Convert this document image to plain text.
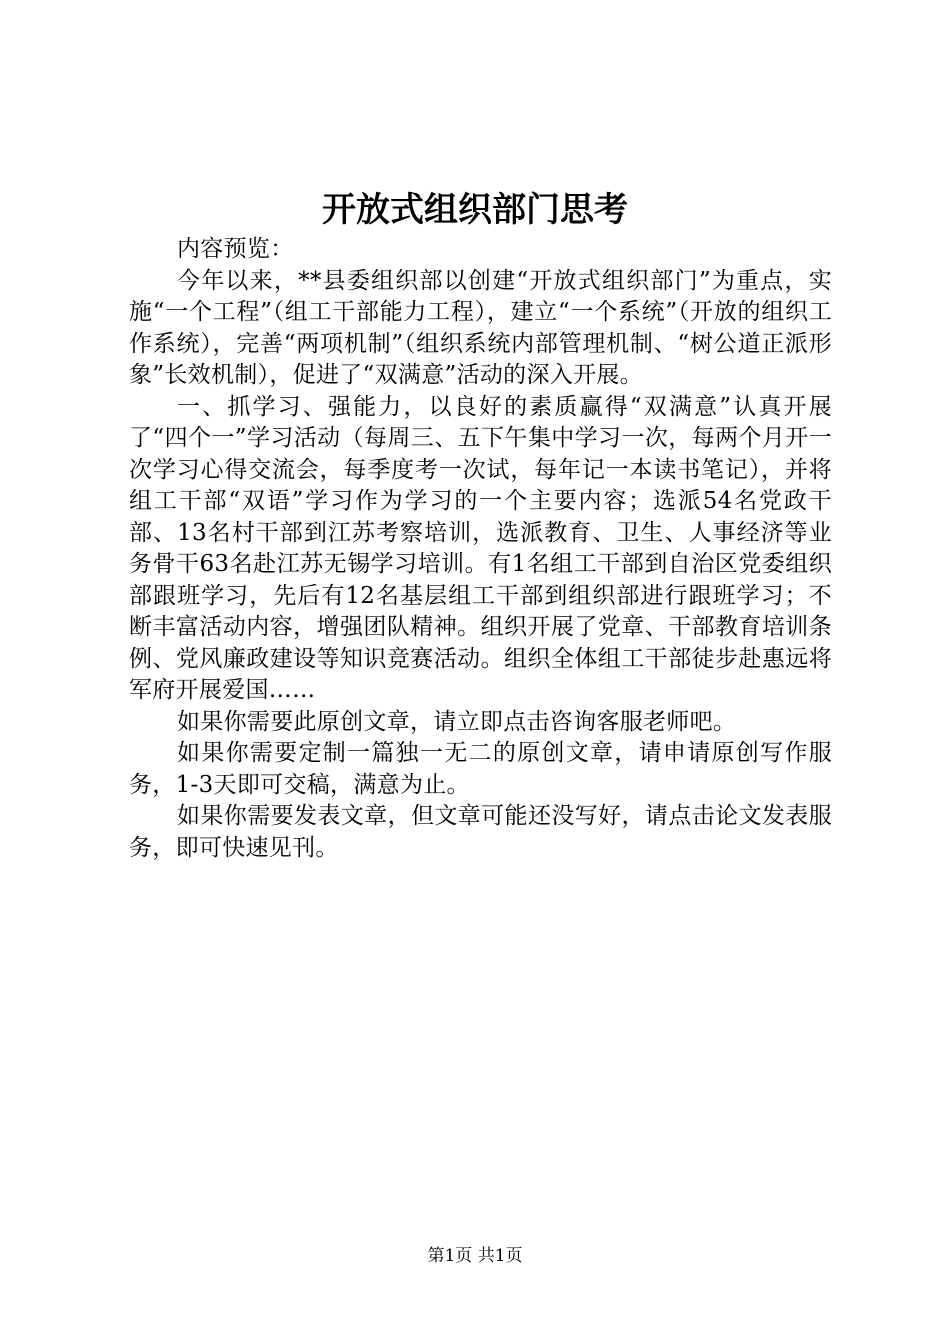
开放式组织部门思考

内容预览：

今年以来，**县委组织部以创建“开放式组织部门”为重点，实施“一个工程”（组工干部能力工程），建立“一个系统”（开放的组织工作系统），完善“两项机制”（组织系统内部管理机制、“树公道正派形象”长效机制），促进了“双满意”活动的深入开展。

一、抓学习、强能力，以良好的素质赢得“双满意”认真开展了“四个一”学习活动（每周三、五下午集中学习一次，每两个月开一次学习心得交流会，每季度考一次试，每年记一本读书笔记），并将组工干部“双语”学习作为学习的一个主要内容；选派54名党政干部、13名村干部到江苏考察培训，选派教育、卫生、人事经济等业务骨干63名赴江苏无锡学习培训。有1名组工干部到自治区党委组织部跟班学习，先后有12名基层组工干部到组织部进行跟班学习；不断丰富活动内容，增强团队精神。组织开展了党章、干部教育培训条例、党风廉政建设等知识竞赛活动。组织全体组工干部徒步赴惠远将军府开展爱国……

如果你需要此原创文章，请立即点击咨询客服老师吧。

如果你需要定制一篇独一无二的原创文章，请申请原创写作服务，1-3天即可交稿，满意为止。

如果你需要发表文章，但文章可能还没写好，请点击论文发表服务，即可快速见刊。

第1页 共1页
